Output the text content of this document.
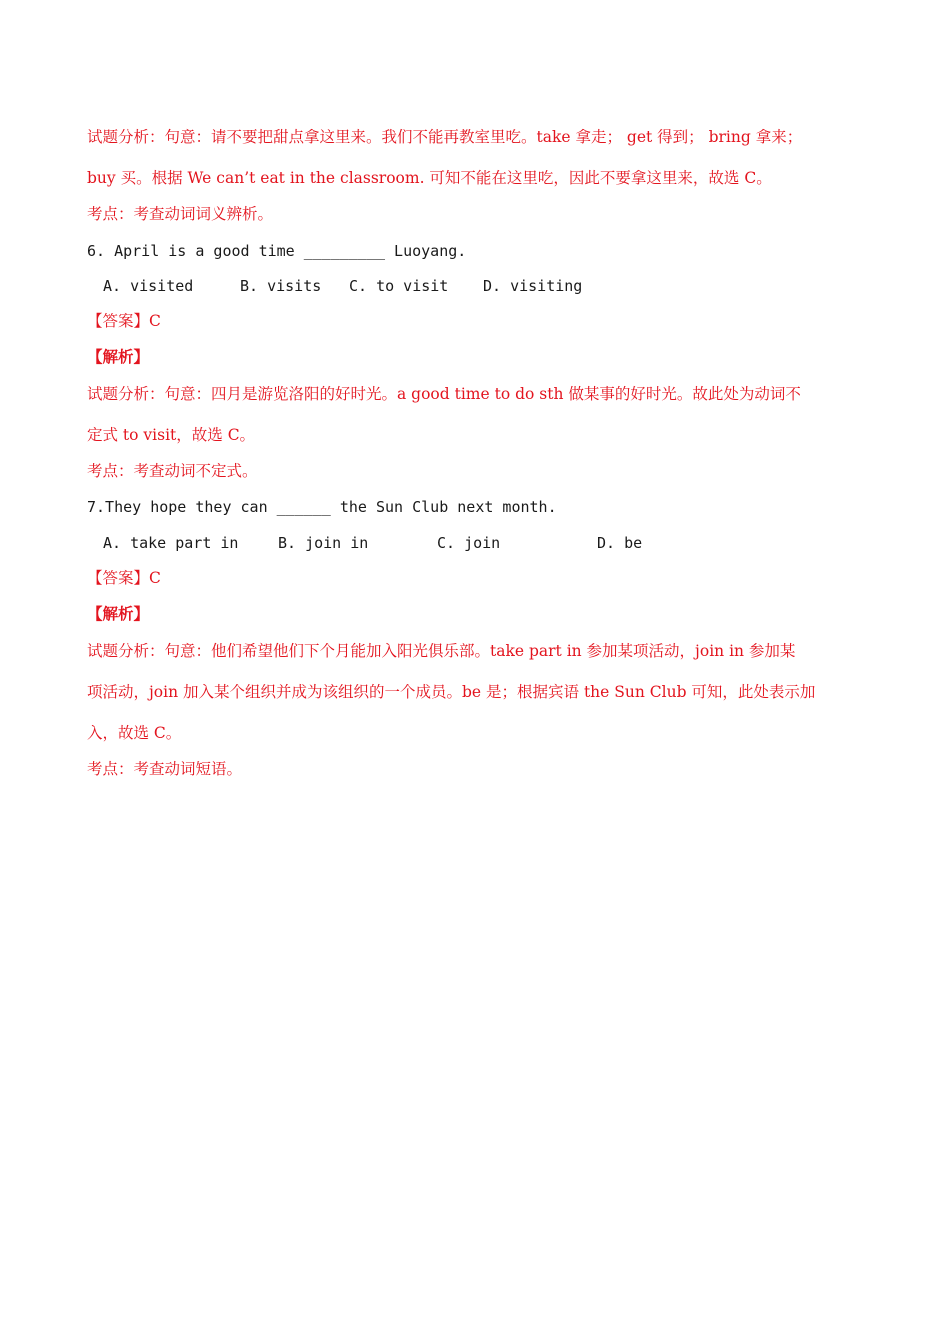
试题分析：句意：请不要把甜点拿这里来。我们不能再教室里吃。take 拿走； get 得到； bring 拿来；
buy 买。根据 We can’t eat in the classroom. 可知不能在这里吃，因此不要拿这里来，故选 C。
考点：考查动词词义辨析。
6. April is a good time _________ Luoyang.
A. visited	B. visits C. to visit D. visiting
【答案】C
【解析】
试题分析：句意：四月是游览洛阳的好时光。a good time to do sth 做某事的好时光。故此处为动词不
定式 to visit，故选 C。
考点：考查动词不定式。
7.They hope they can ______ the Sun Club next month.
A. take part in	B. join in	C. join	D. be
【答案】C
【解析】
试题分析：句意：他们希望他们下个月能加入阳光俱乐部。take part in 参加某项活动，join in 参加某
项活动，join 加入某个组织并成为该组织的一个成员。be 是；根据宾语 the Sun Club 可知，此处表示加
入，故选 C。
考点：考查动词短语。
